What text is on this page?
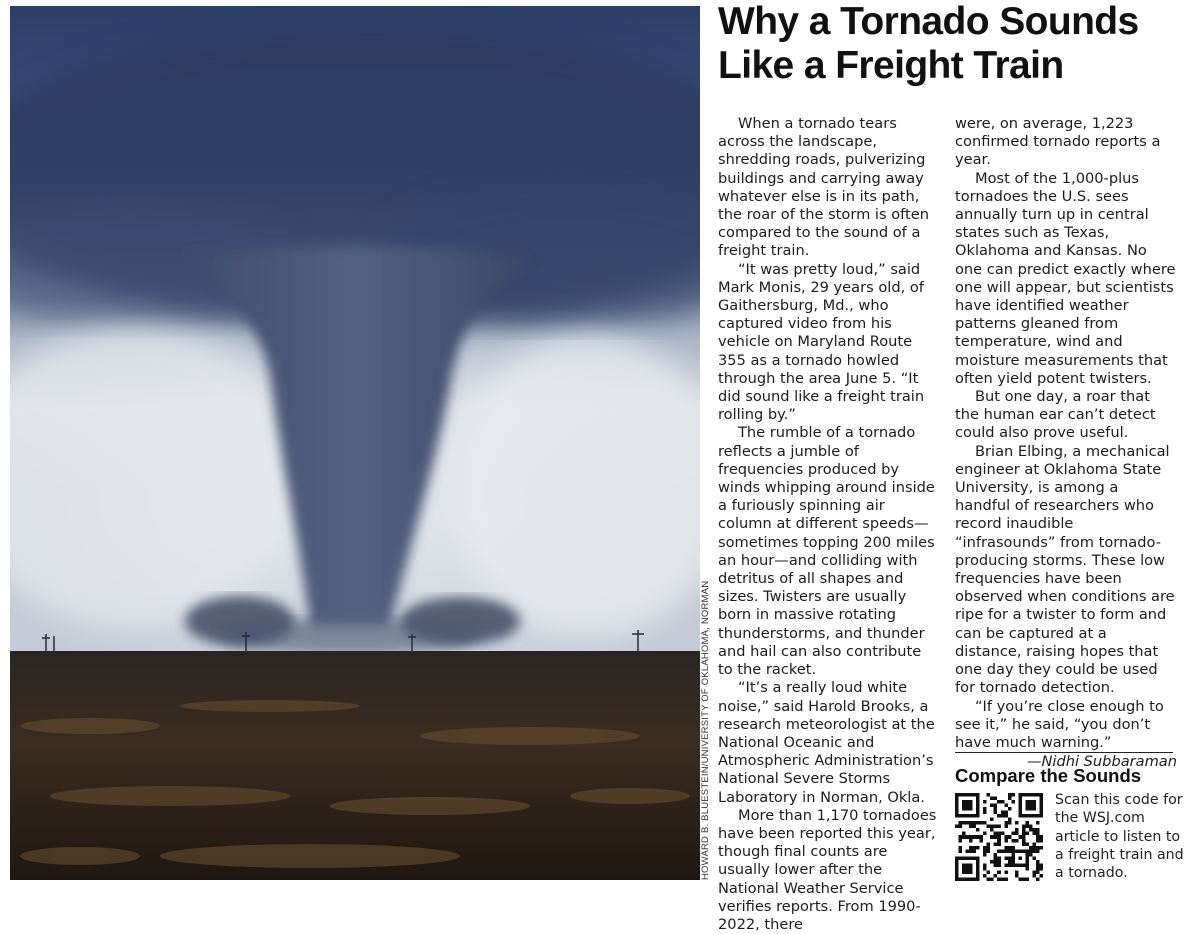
HOWARD B. BLUESTEIN/UNIVERSITY OF OKLAHOMA, NORMAN
Why a Tornado Sounds Like a Freight Train

When a tornado tears across the landscape, shredding roads, pulverizing buildings and carrying away whatever else is in its path, the roar of the storm is often compared to the sound of a freight train.

“It was pretty loud,” said Mark Monis, 29 years old, of Gaithersburg, Md., who captured video from his vehicle on Maryland Route 355 as a tornado howled through the area June 5. “It did sound like a freight train rolling by.”

The rumble of a tornado reflects a jumble of frequencies produced by winds whipping around inside a furiously spinning air column at different speeds—sometimes topping 200 miles an hour—and colliding with detritus of all shapes and sizes. Twisters are usually born in massive rotating thunderstorms, and thunder and hail can also contribute to the racket.

“It’s a really loud white noise,” said Harold Brooks, a research meteorologist at the National Oceanic and Atmospheric Administration’s National Severe Storms Laboratory in Norman, Okla.

More than 1,170 tornadoes have been reported this year, though final counts are usually lower after the National Weather Service verifies reports. From 1990-2022, there

were, on average, 1,223 confirmed tornado reports a year.

Most of the 1,000-plus tornadoes the U.S. sees annually turn up in central states such as Texas, Oklahoma and Kansas. No one can predict exactly where one will appear, but scientists have identified weather patterns gleaned from temperature, wind and moisture measurements that often yield potent twisters.

But one day, a roar that the human ear can’t detect could also prove useful.

Brian Elbing, a mechanical engineer at Oklahoma State University, is among a handful of researchers who record inaudible “infrasounds” from tornado-producing storms. These low frequencies have been observed when conditions are ripe for a twister to form and can be captured at a distance, raising hopes that one day they could be used for tornado detection.

“If you’re close enough to see it,” he said, “you don’t have much warning.”

—Nidhi Subbaraman
Compare the Sounds
Scan this code for the WSJ.com article to listen to a freight train and a tornado.
